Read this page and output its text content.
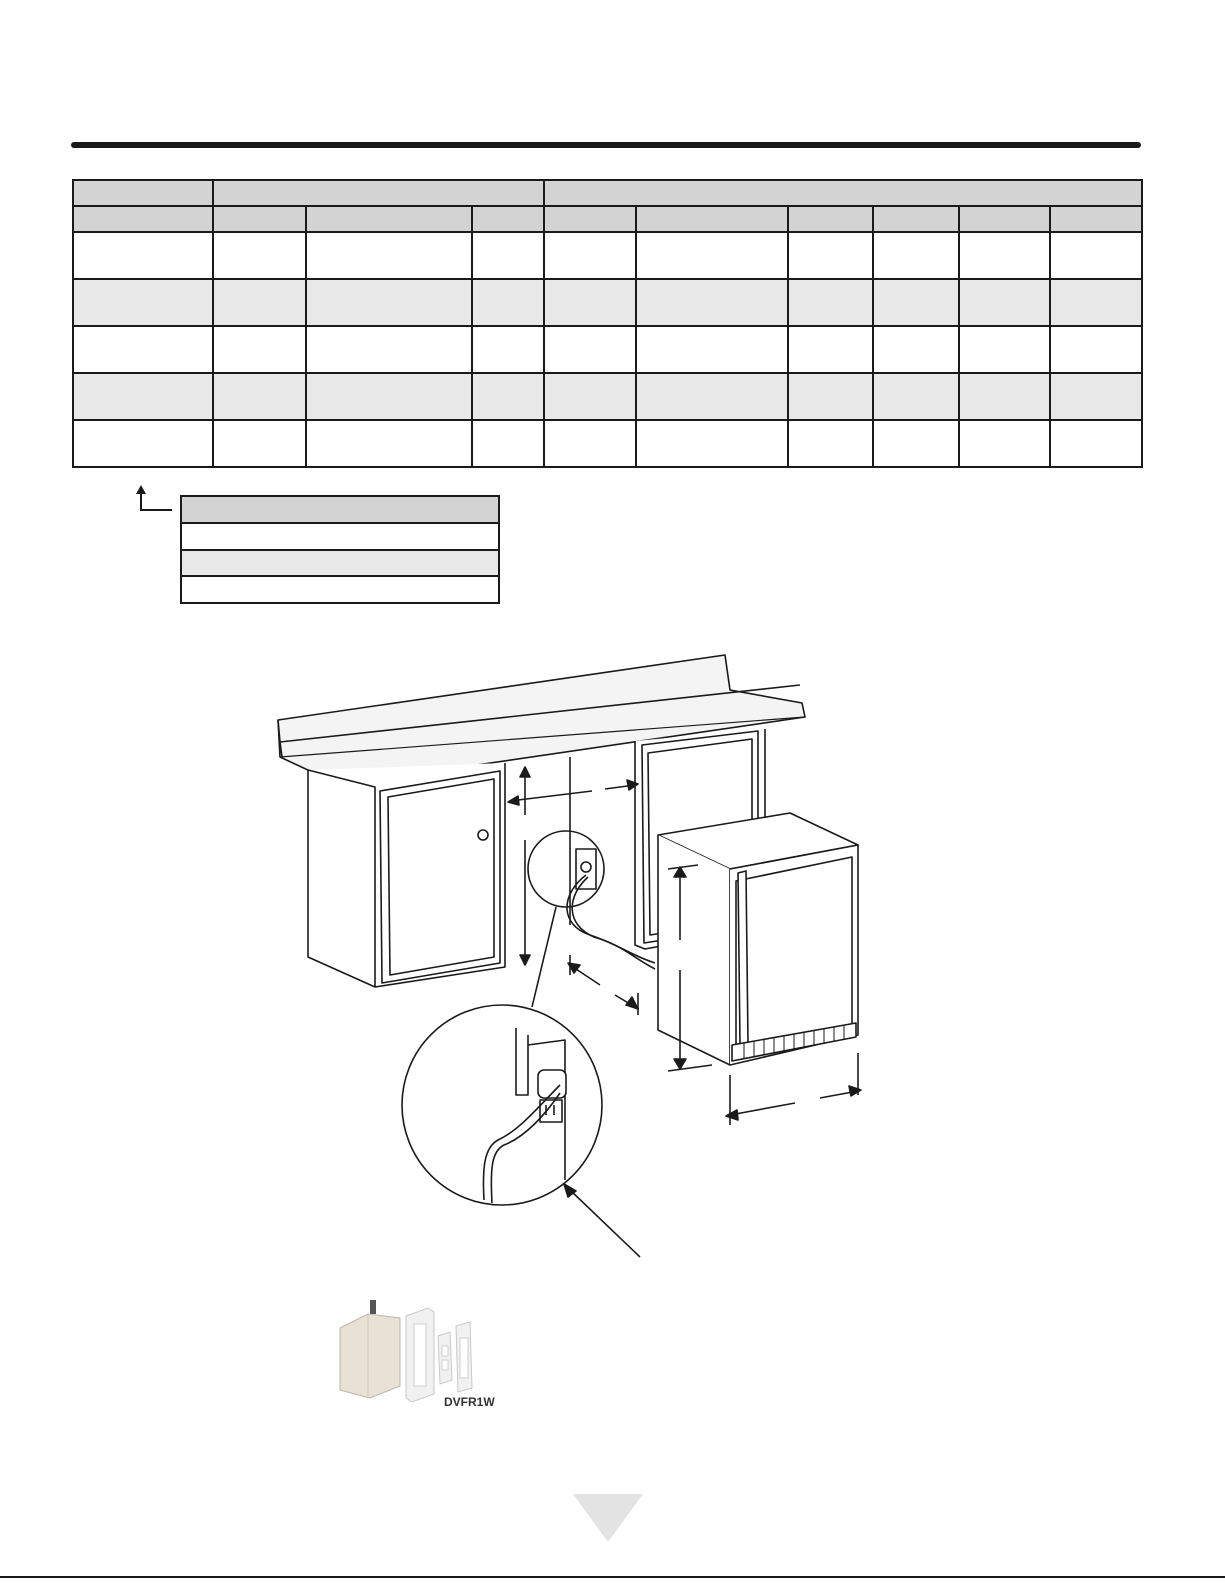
DVFR1W
